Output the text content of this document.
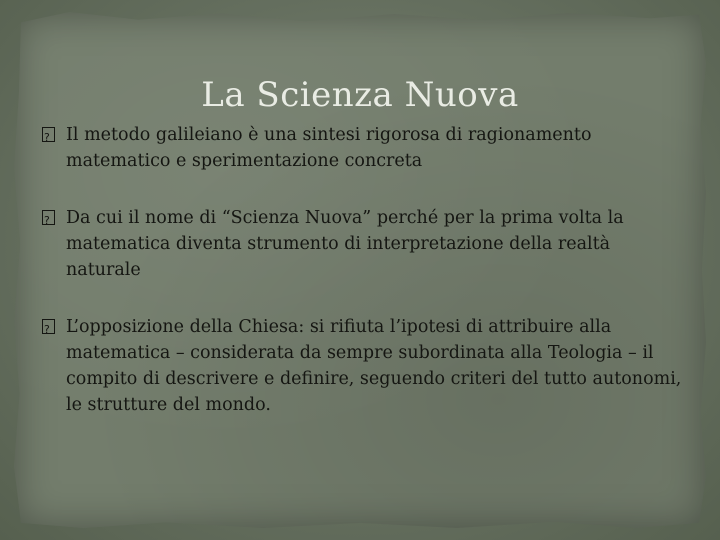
La Scienza Nuova
?
Il metodo galileiano è una sintesi rigorosa di ragionamento matematico e sperimentazione concreta
?
Da cui il nome di “Scienza Nuova” perché per la prima volta la matematica diventa strumento di interpretazione della realtà naturale
?
L’opposizione della Chiesa: si rifiuta l’ipotesi di attribuire alla matematica – considerata da sempre subordinata alla Teologia – il compito di descrivere e definire, seguendo criteri del tutto autonomi, le strutture del mondo.
